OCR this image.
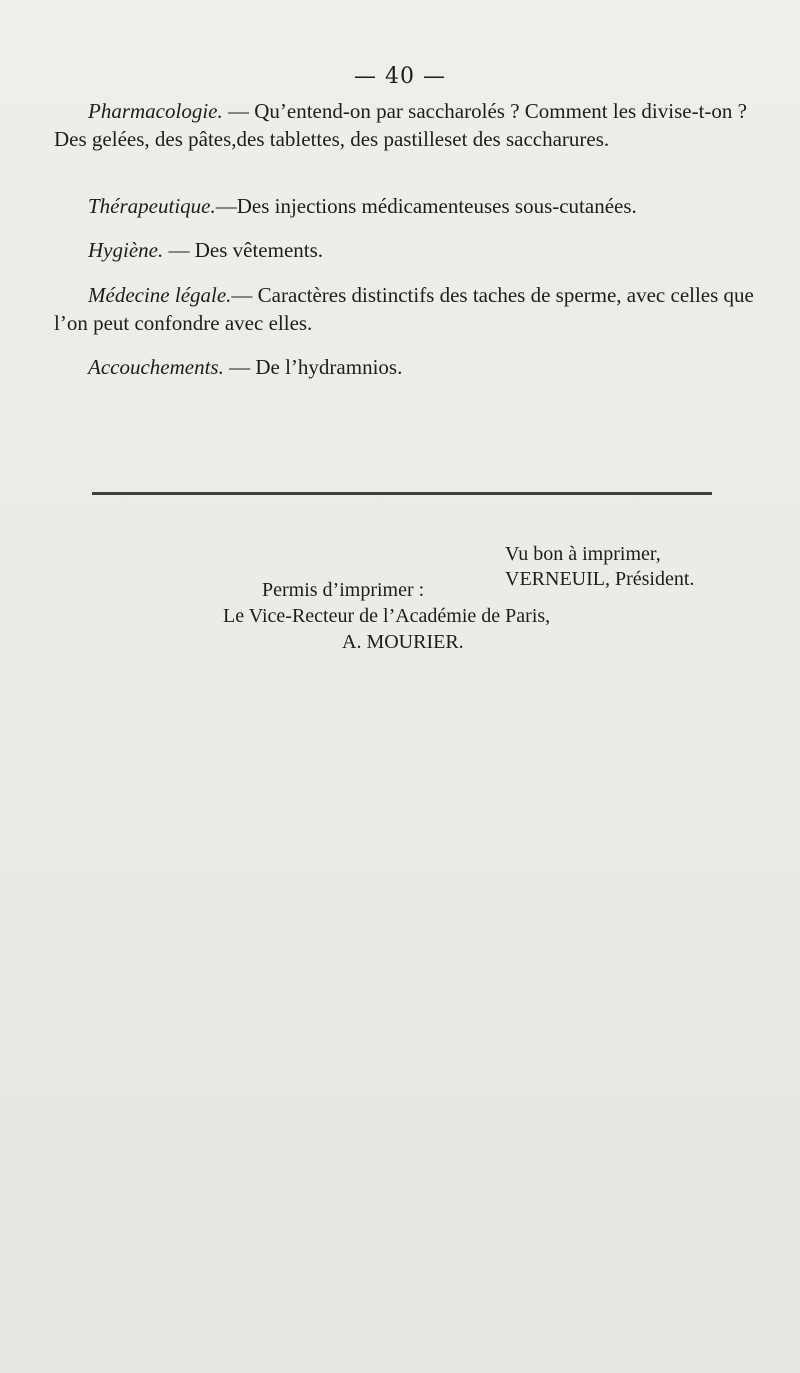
— 40 —
Pharmacologie. — Qu’entend-on par saccharolés ? Comment les divise-t-on ? Des gelées, des pâtes,des tablettes, des pastilleset des saccharures.
Thérapeutique.—Des injections médicamenteuses sous-cutanées.
Hygiène. — Des vêtements.
Médecine légale.— Caractères distinctifs des taches de sperme, avec celles que l’on peut confondre avec elles.
Accouchements. — De l’hydramnios.
Vu bon à imprimer,
VERNEUIL, Président.
Permis d’imprimer :
Le Vice-Recteur de l’Académie de Paris,
A. MOURIER.
